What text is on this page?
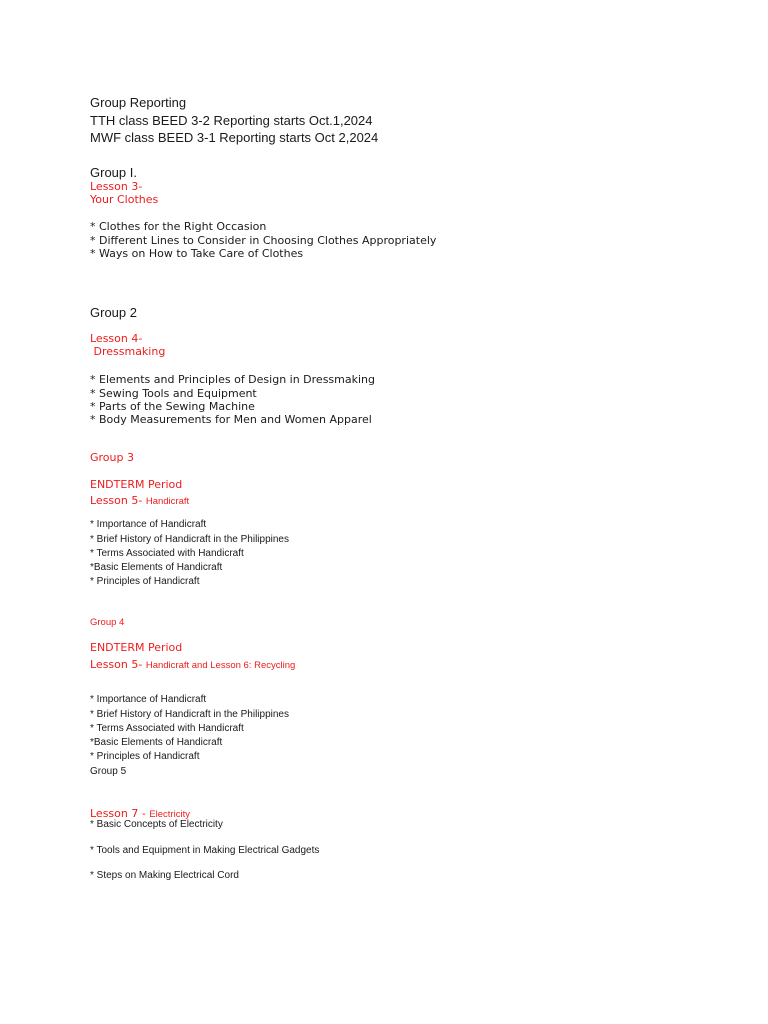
Group Reporting
TTH class BEED 3-2 Reporting starts Oct.1,2024
MWF class BEED 3-1 Reporting starts Oct 2,2024
Group I.
Lesson 3-
Your Clothes
* Clothes for the Right Occasion
* Different Lines to Consider in Choosing Clothes Appropriately
* Ways on How to Take Care of Clothes
Group 2
Lesson 4-
Dressmaking
* Elements and Principles of Design in Dressmaking
* Sewing Tools and Equipment
* Parts of the Sewing Machine
* Body Measurements for Men and Women Apparel
Group 3
ENDTERM Period
Lesson 5- Handicraft
* Importance of Handicraft
* Brief History of Handicraft in the Philippines
* Terms Associated with Handicraft
*Basic Elements of Handicraft
* Principles of Handicraft
Group 4
ENDTERM Period
Lesson 5- Handicraft and Lesson 6: Recycling
* Importance of Handicraft
* Brief History of Handicraft in the Philippines
* Terms Associated with Handicraft
*Basic Elements of Handicraft
* Principles of Handicraft
Group 5
Lesson 7 - Electricity
* Basic Concepts of Electricity
* Tools and Equipment in Making Electrical Gadgets
* Steps on Making Electrical Cord
